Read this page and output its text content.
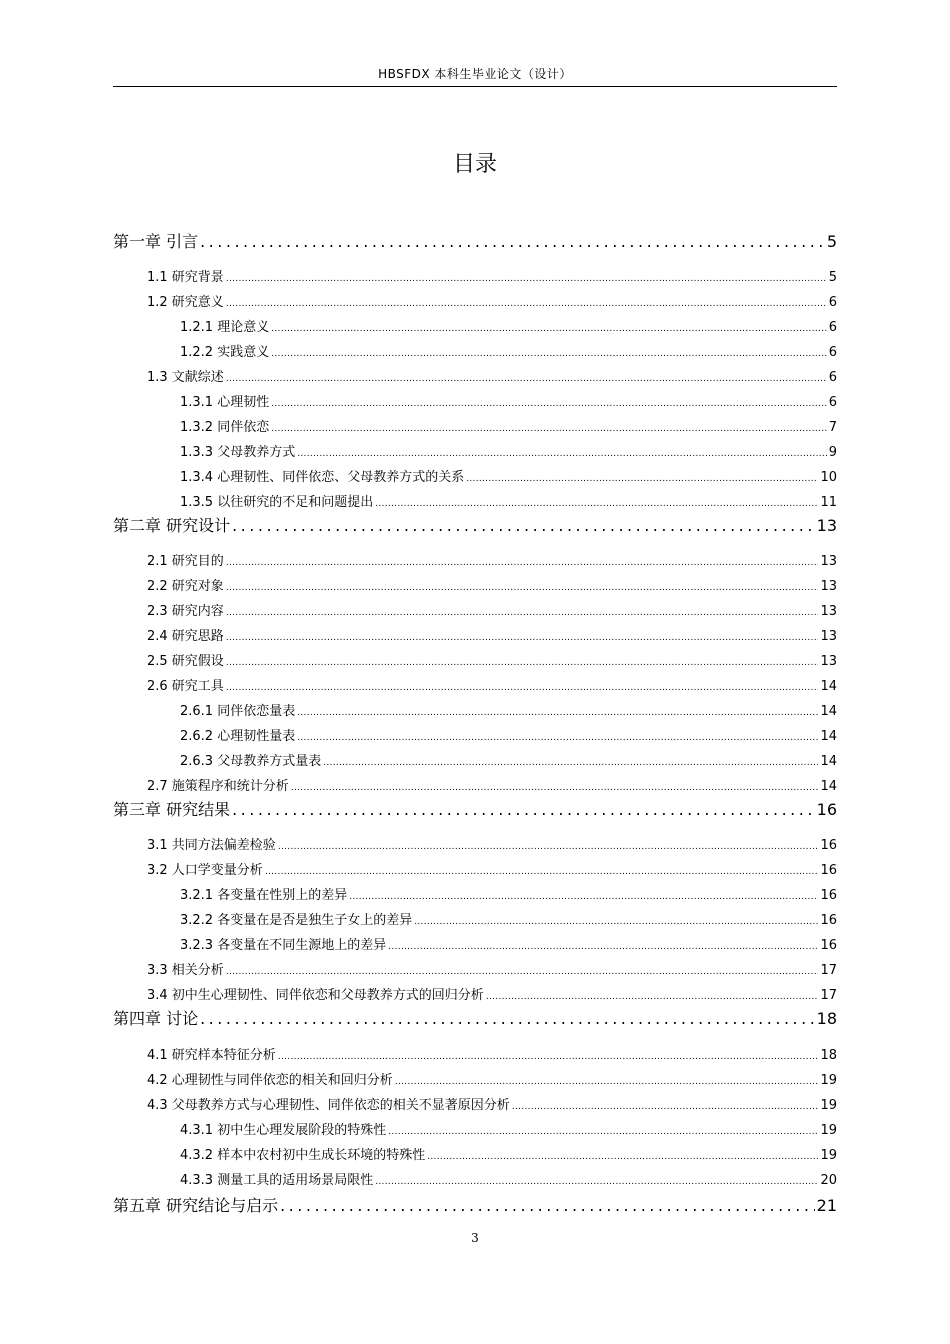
HBSFDX 本科生毕业论文（设计）
目录
第一章 引言 .....	5
1.1 研究背景 .....	5
1.2 研究意义 .....	6
1.2.1 理论意义 .....	6
1.2.2 实践意义 .....	6
1.3 文献综述 .....	6
1.3.1 心理韧性 .....	6
1.3.2 同伴依恋 .....	7
1.3.3 父母教养方式 .....	9
1.3.4 心理韧性、同伴依恋、父母教养方式的关系 .....	10
1.3.5 以往研究的不足和问题提出 .....	11
第二章 研究设计 .....	13
2.1 研究目的 .....	13
2.2 研究对象 .....	13
2.3 研究内容 .....	13
2.4 研究思路 .....	13
2.5 研究假设 .....	13
2.6 研究工具 .....	14
2.6.1 同伴依恋量表 .....	14
2.6.2 心理韧性量表 .....	14
2.6.3 父母教养方式量表 .....	14
2.7 施策程序和统计分析 .....	14
第三章 研究结果 .....	16
3.1 共同方法偏差检验 .....	16
3.2 人口学变量分析 .....	16
3.2.1 各变量在性别上的差异 .....	16
3.2.2 各变量在是否是独生子女上的差异 .....	16
3.2.3 各变量在不同生源地上的差异 .....	16
3.3 相关分析 .....	17
3.4 初中生心理韧性、同伴依恋和父母教养方式的回归分析 .....	17
第四章 讨论 .....	18
4.1 研究样本特征分析 .....	18
4.2 心理韧性与同伴依恋的相关和回归分析 .....	19
4.3 父母教养方式与心理韧性、同伴依恋的相关不显著原因分析 .....	19
4.3.1 初中生心理发展阶段的特殊性 .....	19
4.3.2 样本中农村初中生成长环境的特殊性 .....	19
4.3.3 测量工具的适用场景局限性 .....	20
第五章 研究结论与启示 .....	21
3
